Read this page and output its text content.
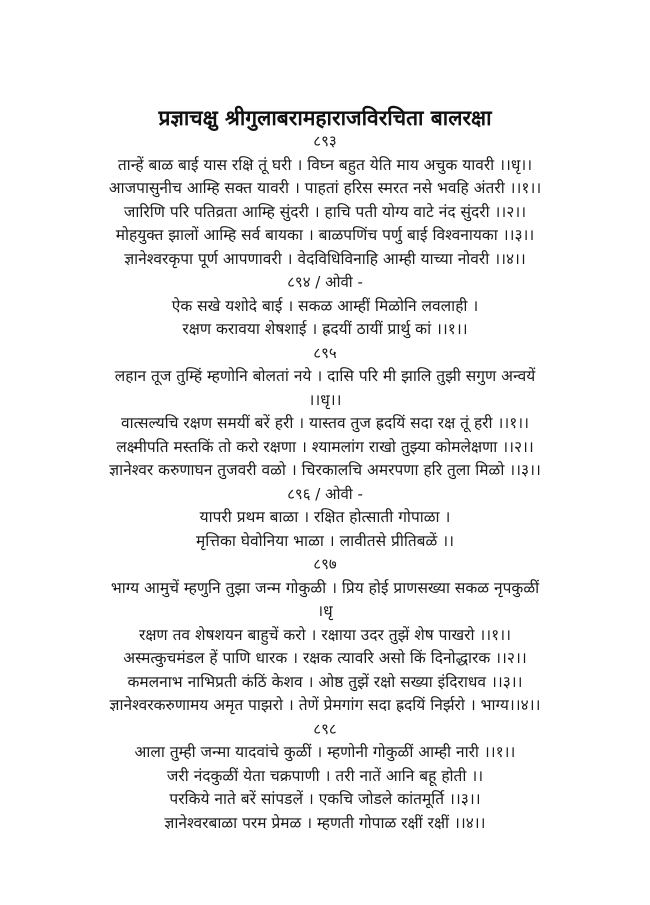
प्रज्ञाचक्षु श्रीगुलाबरामहाराजविरचिता बालरक्षा
८९३
तान्हें बाळ बाई यास रक्षि तूं घरी । विघ्न बहुत येति माय अचुक यावरी ।।धृ।।
आजपासुनीच आम्हि सक्त यावरी । पाहतां हरिस स्मरत नसे भवहि अंतरी ।।१।।
जारिणि परि पतिव्रता आम्हि सुंदरी । हाचि पती योग्य वाटे नंद सुंदरी ।।२।।
मोहयुक्त झालों आम्हि सर्व बायका । बाळपणिंच पर्णु बाई विश्वनायका ।।३।।
ज्ञानेश्वरकृपा पूर्ण आपणावरी । वेदविधिविनाहि आम्ही याच्या नोवरी ।।४।।
८९४ / ओवी -
ऐक सखे यशोदे बाई । सकळ आम्हीं मिळोनि लवलाही ।
रक्षण करावया शेषशाई । ह्रदयीं ठायीं प्रार्थु कां ।।१।।
८९५
लहान तूज तुम्हिं म्हणोनि बोलतां नये । दासि परि मी झालि तुझी सगुण अन्वयें
।।धृ।।
वात्सल्यचि रक्षण समयीं बरें हरी । यास्तव तुज ह्रदयिं सदा रक्ष तूं हरी ।।१।।
लक्ष्मीपति मस्तकिं तो करो रक्षणा । श्यामलांग राखो तुझ्या कोमलेक्षणा ।।२।।
ज्ञानेश्वर करुणाघन तुजवरी वळो । चिरकालचि अमरपणा हरि तुला मिळो ।।३।।
८९६ / ओवी -
यापरी प्रथम बाळा । रक्षित होत्साती गोपाळा ।
मृत्तिका घेवोनिया भाळा । लावीतसे प्रीतिबळें ।।
८९७
भाग्य आमुचें म्हणुनि तुझा जन्म गोकुळी । प्रिय होई प्राणसख्या सकळ नृपकुळीं
।धृ
रक्षण तव शेषशयन बाहुचें करो । रक्षाया उदर तुझें शेष पाखरो ।।१।।
अस्मत्कुचमंडल हें पाणि धारक । रक्षक त्यावरि असो किं दिनोद्धारक ।।२।।
कमलनाभ नाभिप्रती कंठिं केशव । ओष्ठ तुझें रक्षो सख्या इंदिराधव ।।३।।
ज्ञानेश्वरकरुणामय अमृत पाझरो । तेणें प्रेमगांग सदा ह्रदयिं निर्झरो । भाग्य।।४।।
८९८
आला तुम्ही जन्मा यादवांचे कुळीं । म्हणोनी गोकुळीं आम्ही नारी ।।१।।
जरी नंदकुळीं येता चक्रपाणी । तरी नातें आनि बहू होती ।।
परकिये नाते बरें सांपडलें । एकचि जोडले कांतमूर्ति ।।३।।
ज्ञानेश्वरबाळा परम प्रेमळ । म्हणती गोपाळ रक्षीं रक्षीं ।।४।।
